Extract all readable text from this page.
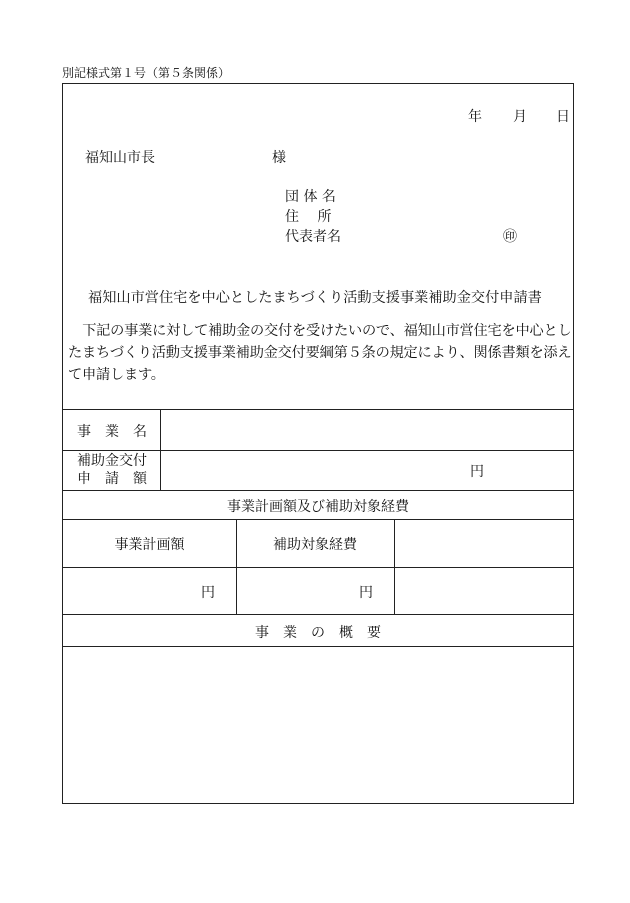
別記様式第１号（第５条関係）
年 月 日
福知山市長	様
団 体 名
住　 所
代表者名	㊞
福知山市営住宅を中心としたまちづくり活動支援事業補助金交付申請書
下記の事業に対して補助金の交付を受けたいので、福知山市営住宅を中心としたまちづくり活動支援事業補助金交付要綱第５条の規定により、関係書類を添えて申請します。
事　業　名
補助金交付
申　請　額	円
事業計画額及び補助対象経費
事業計画額	補助対象経費
円	円
事　業　の　概　要
